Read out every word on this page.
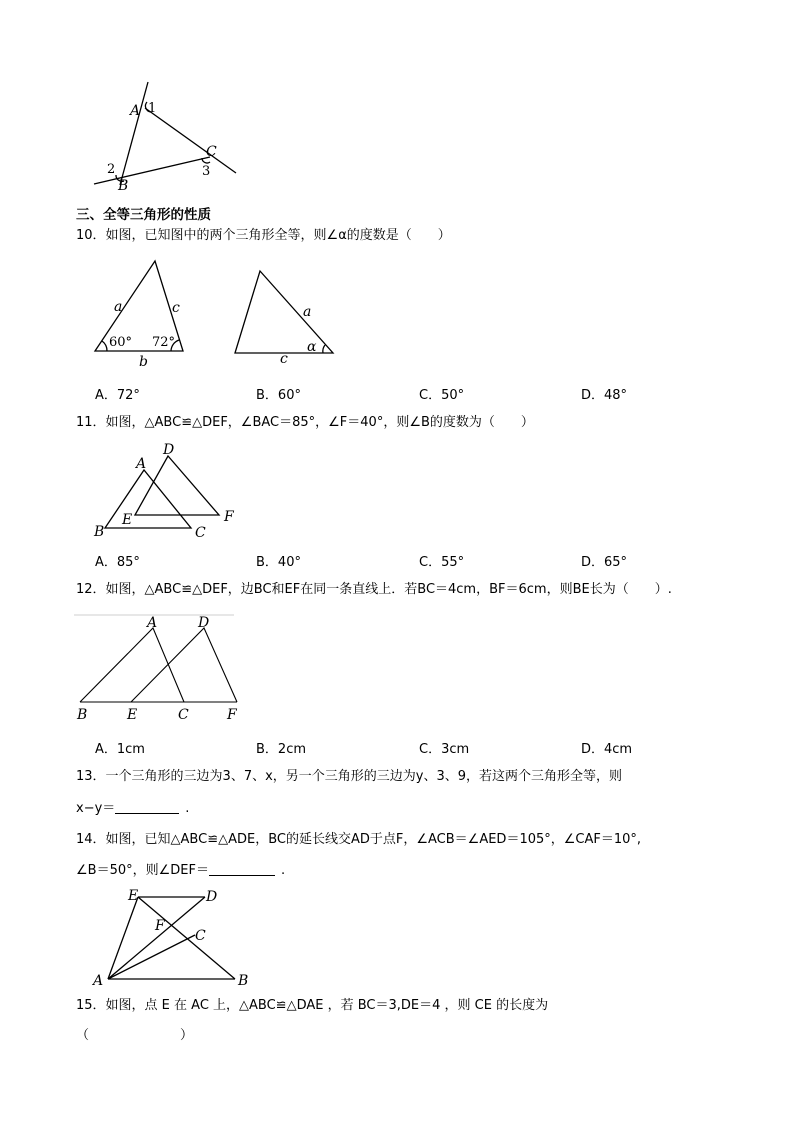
A 1
2
B
C
3
三、全等三角形的性质
10．如图，已知图中的两个三角形全等，则∠α的度数是（　　）
a	c
b
60° 72°
a
c
α
A．72°	B．60°	C．50°	D．48°
11．如图，△ABC≌△DEF，∠BAC＝85°，∠F＝40°，则∠B的度数为（　　）
A
D
E
B	C
F
A．85°	B．40°	C．55°	D．65°
12．如图，△ABC≌△DEF，边BC和EF在同一条直线上．若BC＝4cm，BF＝6cm，则BE长为（　　）.
A	D
B	E	C	F
A．1cm	B．2cm	C．3cm	D．4cm
13．一个三角形的三边为3、7、x，另一个三角形的三边为y、3、9，若这两个三角形全等，则
x−y＝	.
14．如图，已知△ABC≌△ADE，BC的延长线交AD于点F，∠ACB＝∠AED＝105°，∠CAF＝10°,
∠B＝50°，则∠DEF＝	.
E	D
F
C
A	B
15．如图，点 E 在 AC 上，△ABC≌△DAE ，若 BC＝3,DE＝4 ，则 CE 的长度为
（　　　　　　　）
